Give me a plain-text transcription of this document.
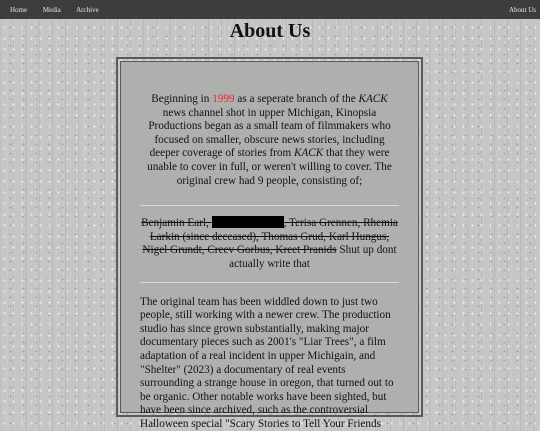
Home Media Archive	About Us
About Us

Beginning in 1999 as a seperate branch of the KACK news channel shot in upper Michigan, Kinopsia Productions began as a small team of filmmakers who focused on smaller, obscure news stories, including deeper coverage of stories from KACK that they were unable to cover in full, or weren't willing to cover. The original crew had 9 people, consisting of;

Benjamin Earl,	, Terisa Grennen, Rhemia Larkin (since deceased), Thomas Grud, Karl Hungus, Nigel Grundt, Creev Gorbus, Kreet Pranids Shut up dont actually write that

The original team has been widdled down to just two people, still working with a newer crew. The production studio has since grown substantially, making major documentary pieces such as 2001's "Liar Trees", a film adaptation of a real incident in upper Michigain, and "Shelter" (2023) a documentary of real events surrounding a strange house in oregon, that turned out to be organic. Other notable works have been sighted, but have been since archived, such as the controversial Halloween special "Scary Stories to Tell Your Friends
